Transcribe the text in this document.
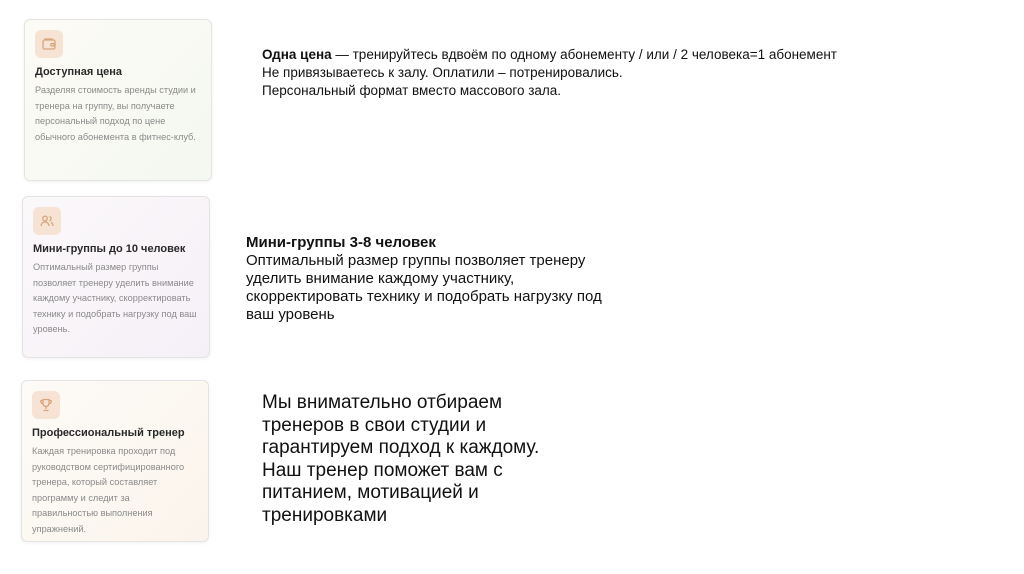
Доступная цена
Разделяя стоимость аренды студии и тренера на группу, вы получаете персональный подход по цене обычного абонемента в фитнес-клуб.
Мини-группы до 10 человек
Оптимальный размер группы позволяет тренеру уделить внимание каждому участнику, скорректировать технику и подобрать нагрузку под ваш уровень.
Профессиональный тренер
Каждая тренировка проходит под руководством сертифицированного тренера, который составляет программу и следит за правильностью выполнения упражнений.
Одна цена — тренируйтесь вдвоём по одному абонементу / или / 2 человека=1 абонемент
Не привязываетесь к залу. Оплатили – потренировались.
Персональный формат вместо массового зала.
Мини-группы 3-8 человек
Оптимальный размер группы позволяет тренеру уделить внимание каждому участнику, скорректировать технику и подобрать нагрузку под ваш уровень
Мы внимательно отбираем тренеров в свои студии и гарантируем подход к каждому. Наш тренер поможет вам с питанием, мотивацией и тренировками
